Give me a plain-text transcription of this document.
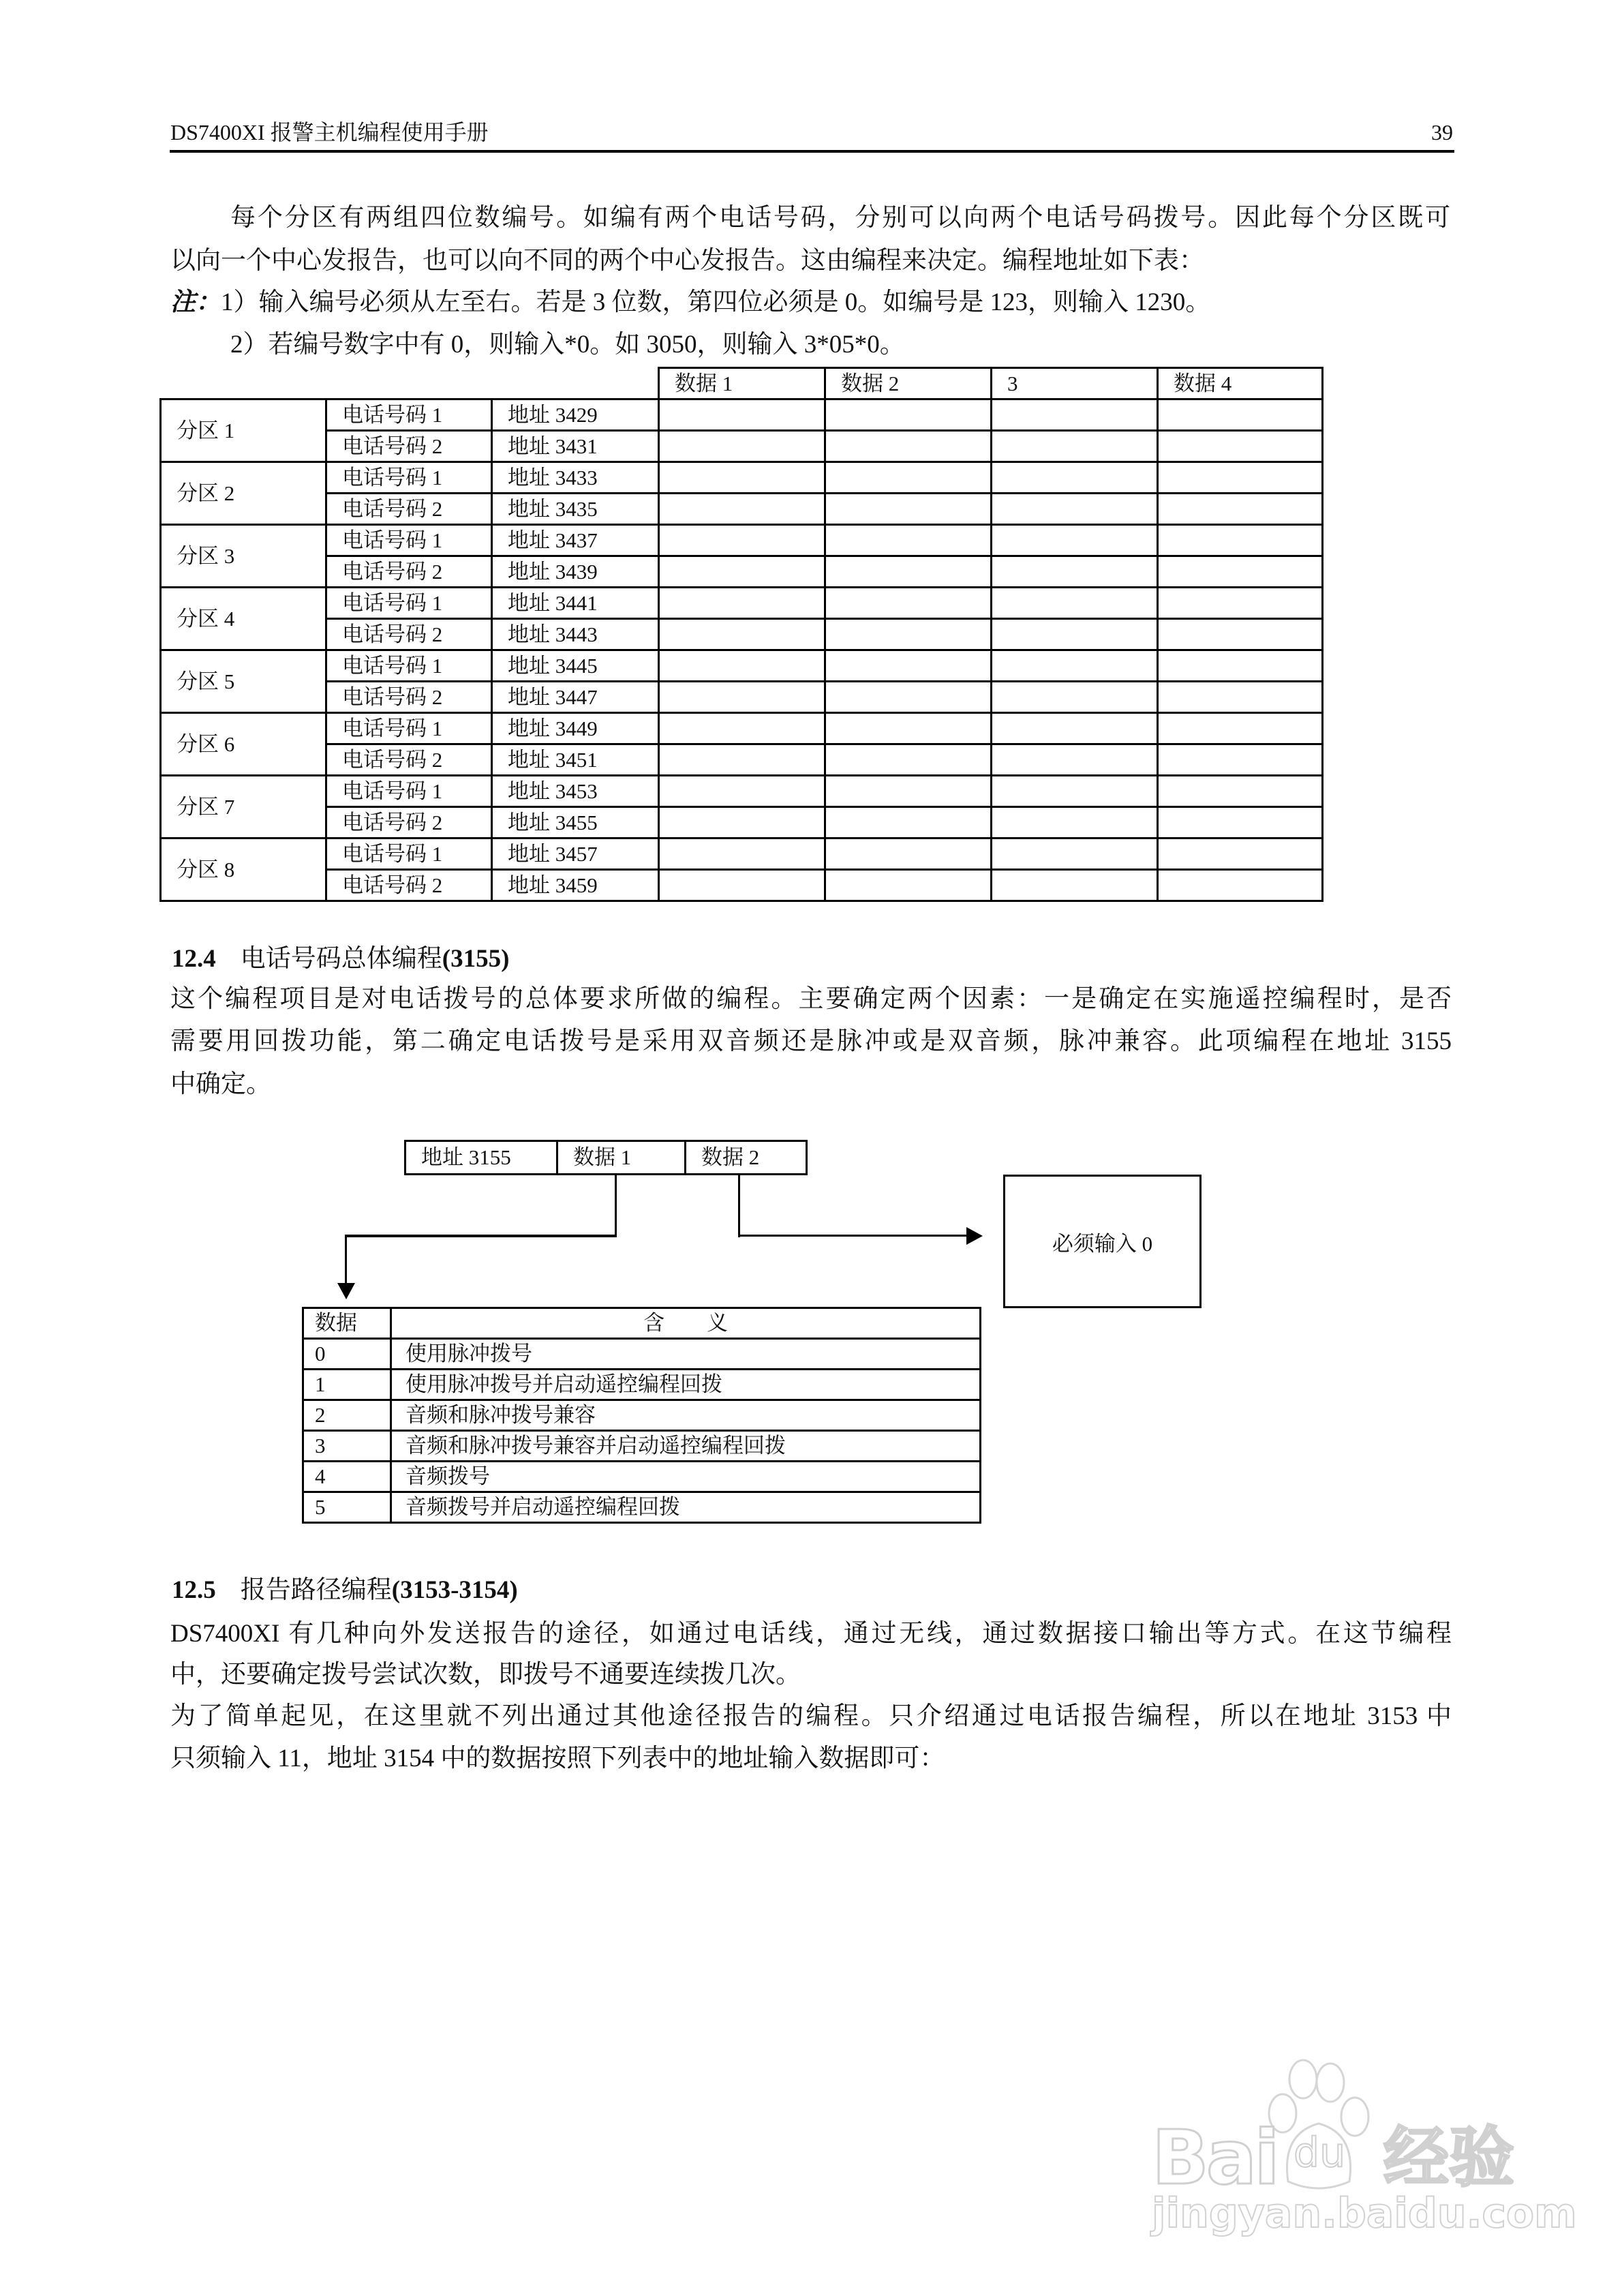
DS7400XI 报警主机编程使用手册	39
每个分区有两组四位数编号。如编有两个电话号码，分别可以向两个电话号码拨号。因此每个分区既可
以向一个中心发报告，也可以向不同的两个中心发报告。这由编程来决定。编程地址如下表：
注：1）输入编号必须从左至右。若是 3 位数，第四位必须是 0。如编号是 123，则输入 1230。
2）若编号数字中有 0，则输入*0。如 3050，则输入 3*05*0。
			数据 1	数据 2	3	数据 4
分区 1	电话号码 1	地址 3429				
	电话号码 2	地址 3431				
分区 2	电话号码 1	地址 3433				
	电话号码 2	地址 3435				
分区 3	电话号码 1	地址 3437				
	电话号码 2	地址 3439				
分区 4	电话号码 1	地址 3441				
	电话号码 2	地址 3443				
分区 5	电话号码 1	地址 3445				
	电话号码 2	地址 3447				
分区 6	电话号码 1	地址 3449				
	电话号码 2	地址 3451				
分区 7	电话号码 1	地址 3453				
	电话号码 2	地址 3455				
分区 8	电话号码 1	地址 3457				
	电话号码 2	地址 3459				
12.4 电话号码总体编程(3155)
这个编程项目是对电话拨号的总体要求所做的编程。主要确定两个因素：一是确定在实施遥控编程时，是否
需要用回拨功能，第二确定电话拨号是采用双音频还是脉冲或是双音频，脉冲兼容。此项编程在地址 3155
中确定。
地址 3155	数据 1	数据 2
必须输入 0
数据	含　　义
0	使用脉冲拨号
1	使用脉冲拨号并启动遥控编程回拨
2	音频和脉冲拨号兼容
3	音频和脉冲拨号兼容并启动遥控编程回拨
4	音频拨号
5	音频拨号并启动遥控编程回拨
12.5 报告路径编程(3153-3154)
DS7400XI 有几种向外发送报告的途径，如通过电话线，通过无线，通过数据接口输出等方式。在这节编程
中，还要确定拨号尝试次数，即拨号不通要连续拨几次。
为了简单起见，在这里就不列出通过其他途径报告的编程。只介绍通过电话报告编程，所以在地址 3153 中
只须输入 11，地址 3154 中的数据按照下列表中的地址输入数据即可：
Bai du 经验
jingyan.baidu.com
